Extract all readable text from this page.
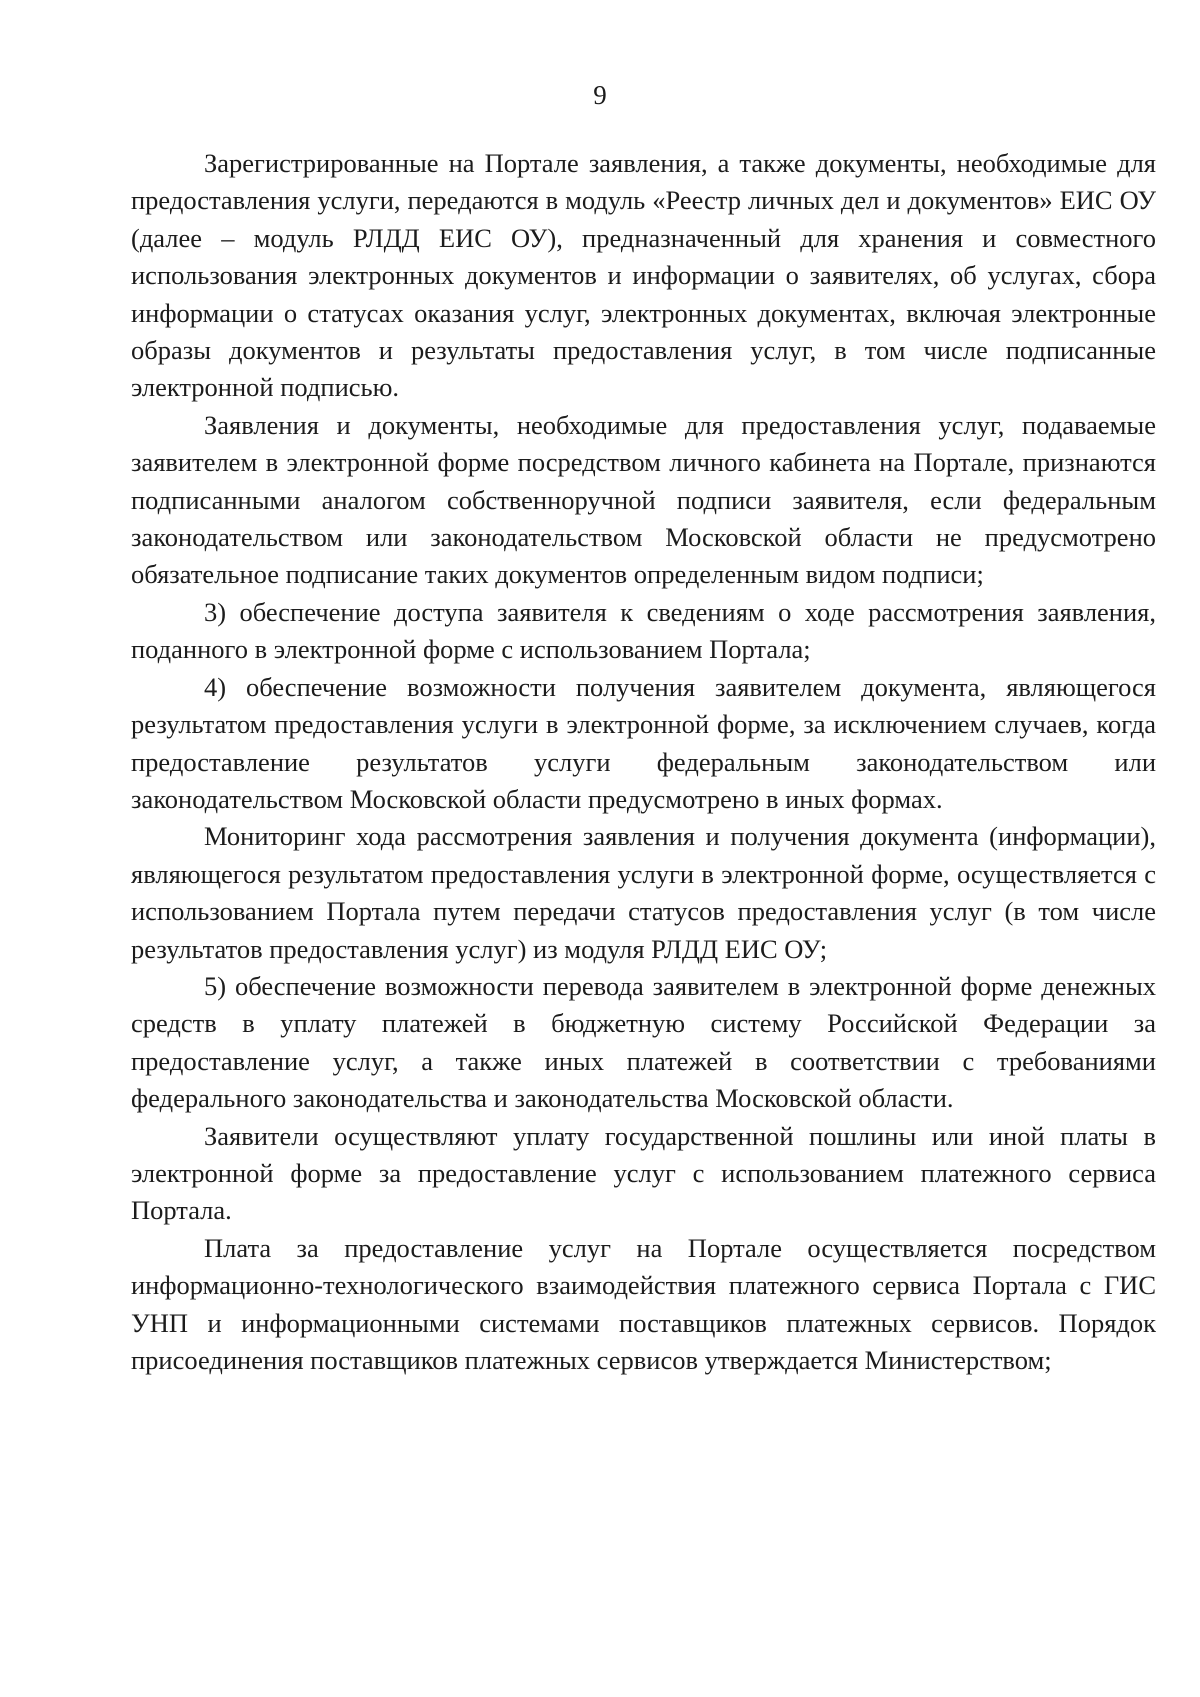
9

Зарегистрированные на Портале заявления, а также документы, необходимые для предоставления услуги, передаются в модуль «Реестр личных дел и документов» ЕИС ОУ (далее – модуль РЛДД ЕИС ОУ), предназначенный для хранения и совместного использования электронных документов и информации о заявителях, об услугах, сбора информации о статусах оказания услуг, электронных документах, включая электронные образы документов и результаты предоставления услуг, в том числе подписанные электронной подписью.

Заявления и документы, необходимые для предоставления услуг, подаваемые заявителем в электронной форме посредством личного кабинета на Портале, признаются подписанными аналогом собственноручной подписи заявителя, если федеральным законодательством или законодательством Московской области не предусмотрено обязательное подписание таких документов определенным видом подписи;

3) обеспечение доступа заявителя к сведениям о ходе рассмотрения заявления, поданного в электронной форме с использованием Портала;

4) обеспечение возможности получения заявителем документа, являющегося результатом предоставления услуги в электронной форме, за исключением случаев, когда предоставление результатов услуги федеральным законодательством или законодательством Московской области предусмотрено в иных формах.

Мониторинг хода рассмотрения заявления и получения документа (информации), являющегося результатом предоставления услуги в электронной форме, осуществляется с использованием Портала путем передачи статусов предоставления услуг (в том числе результатов предоставления услуг) из модуля РЛДД ЕИС ОУ;

5) обеспечение возможности перевода заявителем в электронной форме денежных средств в уплату платежей в бюджетную систему Российской Федерации за предоставление услуг, а также иных платежей в соответствии с требованиями федерального законодательства и законодательства Московской области.

Заявители осуществляют уплату государственной пошлины или иной платы в электронной форме за предоставление услуг с использованием платежного сервиса Портала.

Плата за предоставление услуг на Портале осуществляется посредством информационно-технологического взаимодействия платежного сервиса Портала с ГИС УНП и информационными системами поставщиков платежных сервисов. Порядок присоединения поставщиков платежных сервисов утверждается Министерством;
